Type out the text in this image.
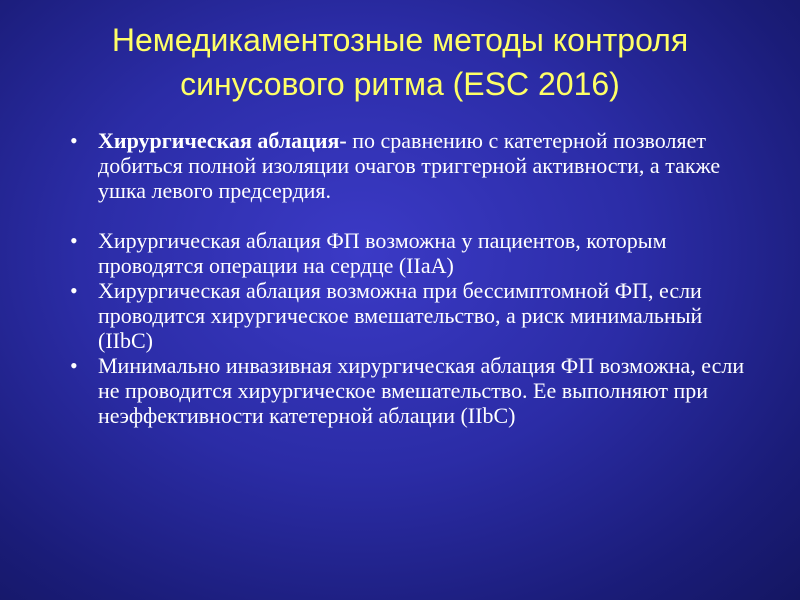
Немедикаментозные методы контроля синусового ритма (ESC 2016)
• Хирургическая аблация- по сравнению с катетерной позволяет добиться полной изоляции очагов триггерной активности, а также ушка левого предсердия.
• Хирургическая аблация ФП возможна у пациентов, которым проводятся операции на сердце (IIaA)
• Хирургическая аблация возможна при бессимптомной ФП, если проводится хирургическое вмешательство, а риск минимальный (IIbC)
• Минимально инвазивная хирургическая аблация ФП возможна, если не проводится хирургическое вмешательство. Ее выполняют при неэффективности катетерной аблации (IIbC)
